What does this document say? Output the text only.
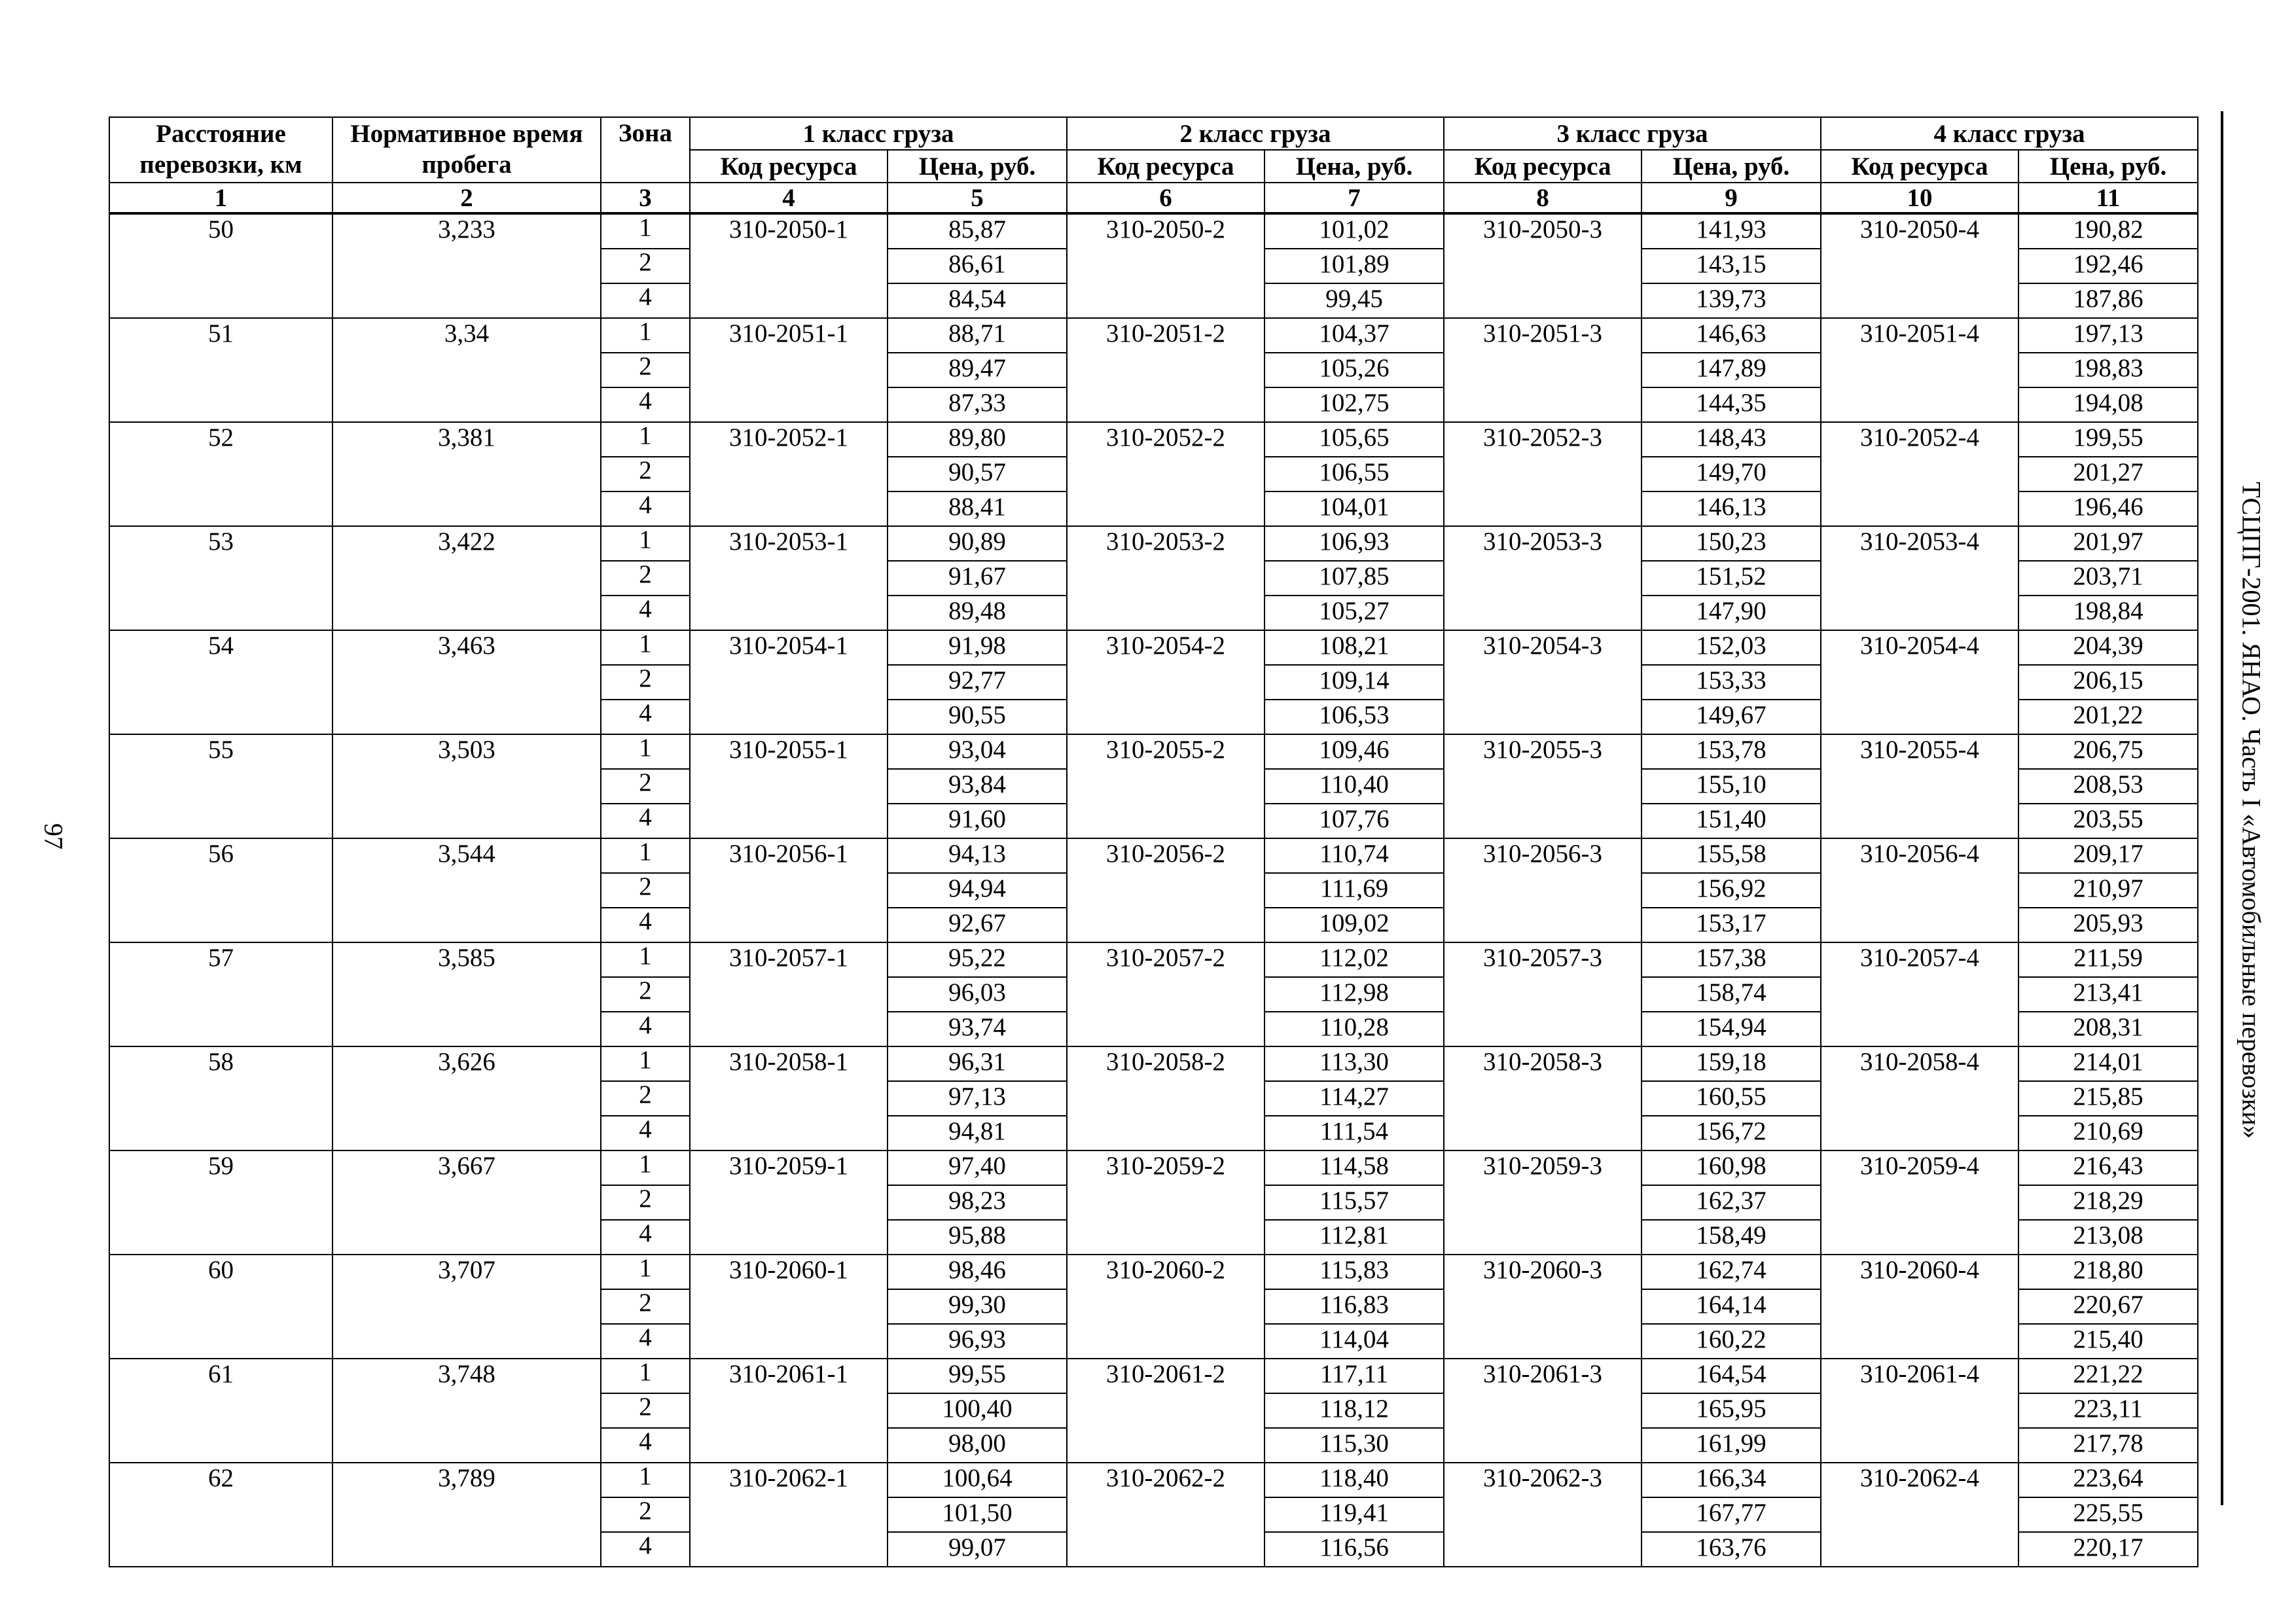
Расстояние перевозки, км	Нормативное время пробега	Зона	1 класс груза		2 класс груза		3 класс груза		4 класс груза	
			Код ресурса	Цена, руб.	Код ресурса	Цена, руб.	Код ресурса	Цена, руб.	Код ресурса	Цена, руб.
1	2	3	4	5	6	7	8	9	10	11
50	3,233	1	310-2050-1	85,87	310-2050-2	101,02	310-2050-3	141,93	310-2050-4	190,82
		2		86,61		101,89		143,15		192,46
		4		84,54		99,45		139,73		187,86
51	3,34	1	310-2051-1	88,71	310-2051-2	104,37	310-2051-3	146,63	310-2051-4	197,13
		2		89,47		105,26		147,89		198,83
		4		87,33		102,75		144,35		194,08
52	3,381	1	310-2052-1	89,80	310-2052-2	105,65	310-2052-3	148,43	310-2052-4	199,55
		2		90,57		106,55		149,70		201,27
		4		88,41		104,01		146,13		196,46
53	3,422	1	310-2053-1	90,89	310-2053-2	106,93	310-2053-3	150,23	310-2053-4	201,97
		2		91,67		107,85		151,52		203,71
		4		89,48		105,27		147,90		198,84
54	3,463	1	310-2054-1	91,98	310-2054-2	108,21	310-2054-3	152,03	310-2054-4	204,39
		2		92,77		109,14		153,33		206,15
		4		90,55		106,53		149,67		201,22
55	3,503	1	310-2055-1	93,04	310-2055-2	109,46	310-2055-3	153,78	310-2055-4	206,75
		2		93,84		110,40		155,10		208,53
		4		91,60		107,76		151,40		203,55
56	3,544	1	310-2056-1	94,13	310-2056-2	110,74	310-2056-3	155,58	310-2056-4	209,17
		2		94,94		111,69		156,92		210,97
		4		92,67		109,02		153,17		205,93
57	3,585	1	310-2057-1	95,22	310-2057-2	112,02	310-2057-3	157,38	310-2057-4	211,59
		2		96,03		112,98		158,74		213,41
		4		93,74		110,28		154,94		208,31
58	3,626	1	310-2058-1	96,31	310-2058-2	113,30	310-2058-3	159,18	310-2058-4	214,01
		2		97,13		114,27		160,55		215,85
		4		94,81		111,54		156,72		210,69
59	3,667	1	310-2059-1	97,40	310-2059-2	114,58	310-2059-3	160,98	310-2059-4	216,43
		2		98,23		115,57		162,37		218,29
		4		95,88		112,81		158,49		213,08
60	3,707	1	310-2060-1	98,46	310-2060-2	115,83	310-2060-3	162,74	310-2060-4	218,80
		2		99,30		116,83		164,14		220,67
		4		96,93		114,04		160,22		215,40
61	3,748	1	310-2061-1	99,55	310-2061-2	117,11	310-2061-3	164,54	310-2061-4	221,22
		2		100,40		118,12		165,95		223,11
		4		98,00		115,30		161,99		217,78
62	3,789	1	310-2062-1	100,64	310-2062-2	118,40	310-2062-3	166,34	310-2062-4	223,64
		2		101,50		119,41		167,77		225,55
		4		99,07		116,56		163,76		220,17
ТСЦПГ-2001. ЯНАО. Часть I «Автомобильные перевозки»
97
